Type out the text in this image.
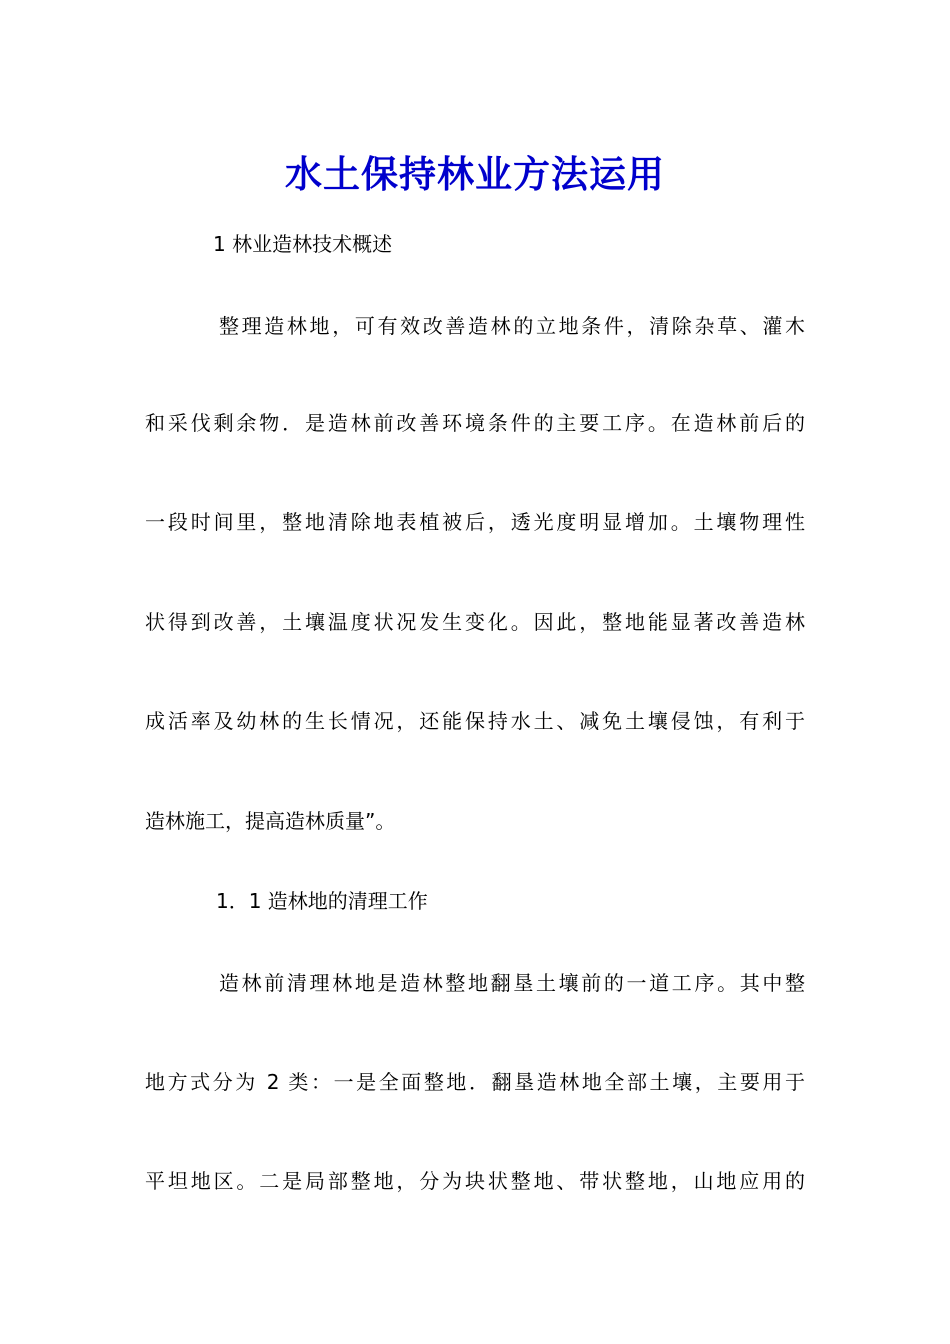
水土保持林业方法运用
1 林业造林技术概述
整理造林地，可有效改善造林的立地条件，清除杂草、灌木
和采伐剩余物．是造林前改善环境条件的主要工序。在造林前后的
一段时间里，整地清除地表植被后，透光度明显增加。土壤物理性
状得到改善，土壤温度状况发生变化。因此，整地能显著改善造林
成活率及幼林的生长情况，还能保持水土、减免土壤侵蚀，有利于
造林施工，提高造林质量”。
1．1 造林地的清理工作
造林前清理林地是造林整地翻垦土壤前的一道工序。其中整
地方式分为 2 类：一是全面整地．翻垦造林地全部土壤，主要用于
平坦地区。二是局部整地，分为块状整地、带状整地，山地应用的
